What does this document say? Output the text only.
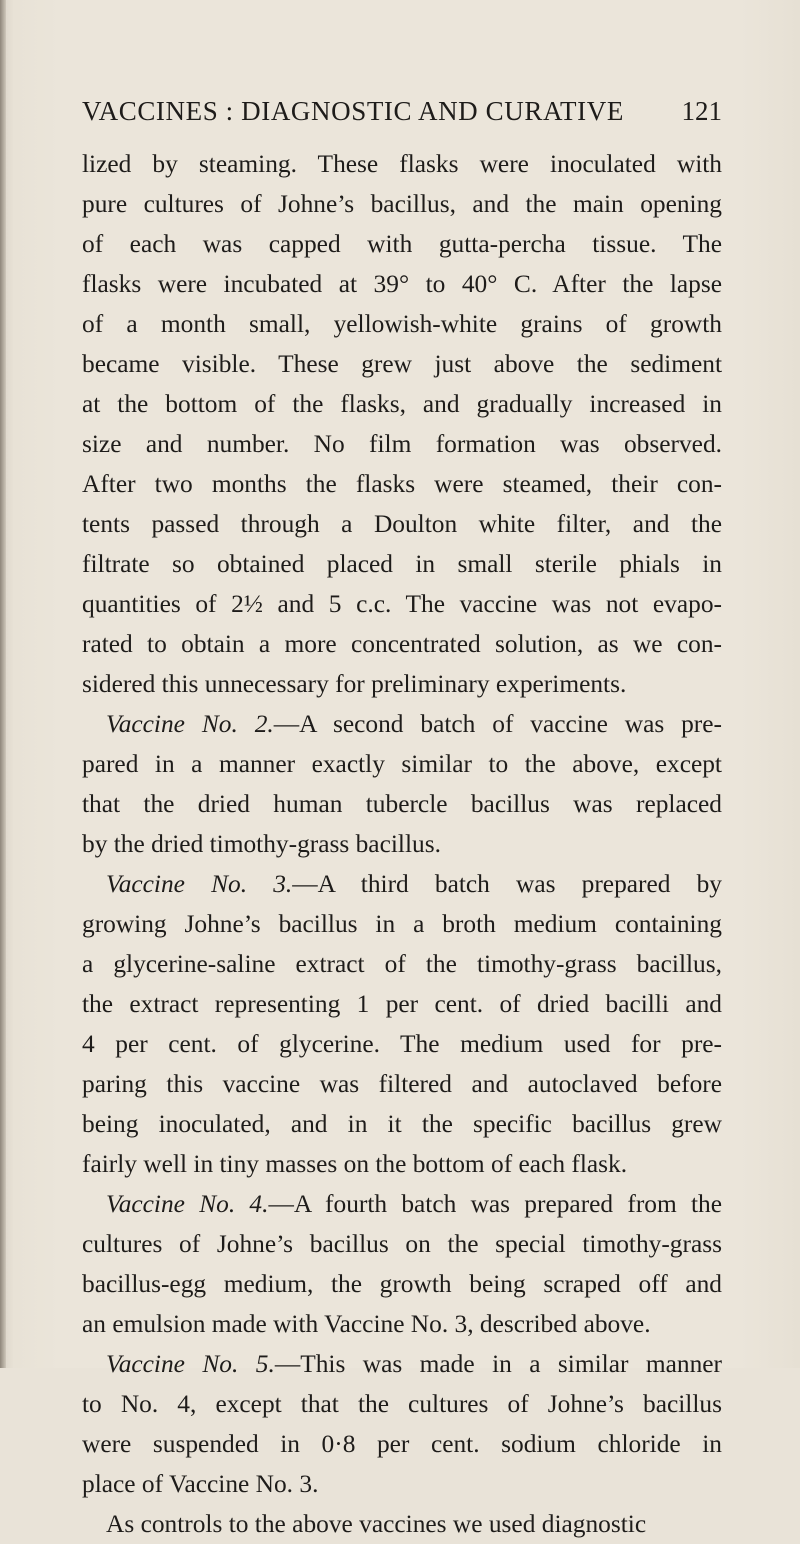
VACCINES : DIAGNOSTIC AND CURATIVE 121
lized by steaming. These flasks were inoculated with
pure cultures of Johne’s bacillus, and the main opening
of each was capped with gutta-percha tissue. The
flasks were incubated at 39° to 40° C. After the lapse
of a month small, yellowish-white grains of growth
became visible. These grew just above the sediment
at the bottom of the flasks, and gradually increased in
size and number. No film formation was observed.
After two months the flasks were steamed, their con-
tents passed through a Doulton white filter, and the
filtrate so obtained placed in small sterile phials in
quantities of 2½ and 5 c.c. The vaccine was not evapo-
rated to obtain a more concentrated solution, as we con-
sidered this unnecessary for preliminary experiments.
Vaccine No. 2.—A second batch of vaccine was pre-
pared in a manner exactly similar to the above, except
that the dried human tubercle bacillus was replaced
by the dried timothy-grass bacillus.
Vaccine No. 3.—A third batch was prepared by
growing Johne’s bacillus in a broth medium containing
a glycerine-saline extract of the timothy-grass bacillus,
the extract representing 1 per cent. of dried bacilli and
4 per cent. of glycerine. The medium used for pre-
paring this vaccine was filtered and autoclaved before
being inoculated, and in it the specific bacillus grew
fairly well in tiny masses on the bottom of each flask.
Vaccine No. 4.—A fourth batch was prepared from the
cultures of Johne’s bacillus on the special timothy-grass
bacillus-egg medium, the growth being scraped off and
an emulsion made with Vaccine No. 3, described above.
Vaccine No. 5.—This was made in a similar manner
to No. 4, except that the cultures of Johne’s bacillus
were suspended in 0·8 per cent. sodium chloride in
place of Vaccine No. 3.
As controls to the above vaccines we used diagnostic
